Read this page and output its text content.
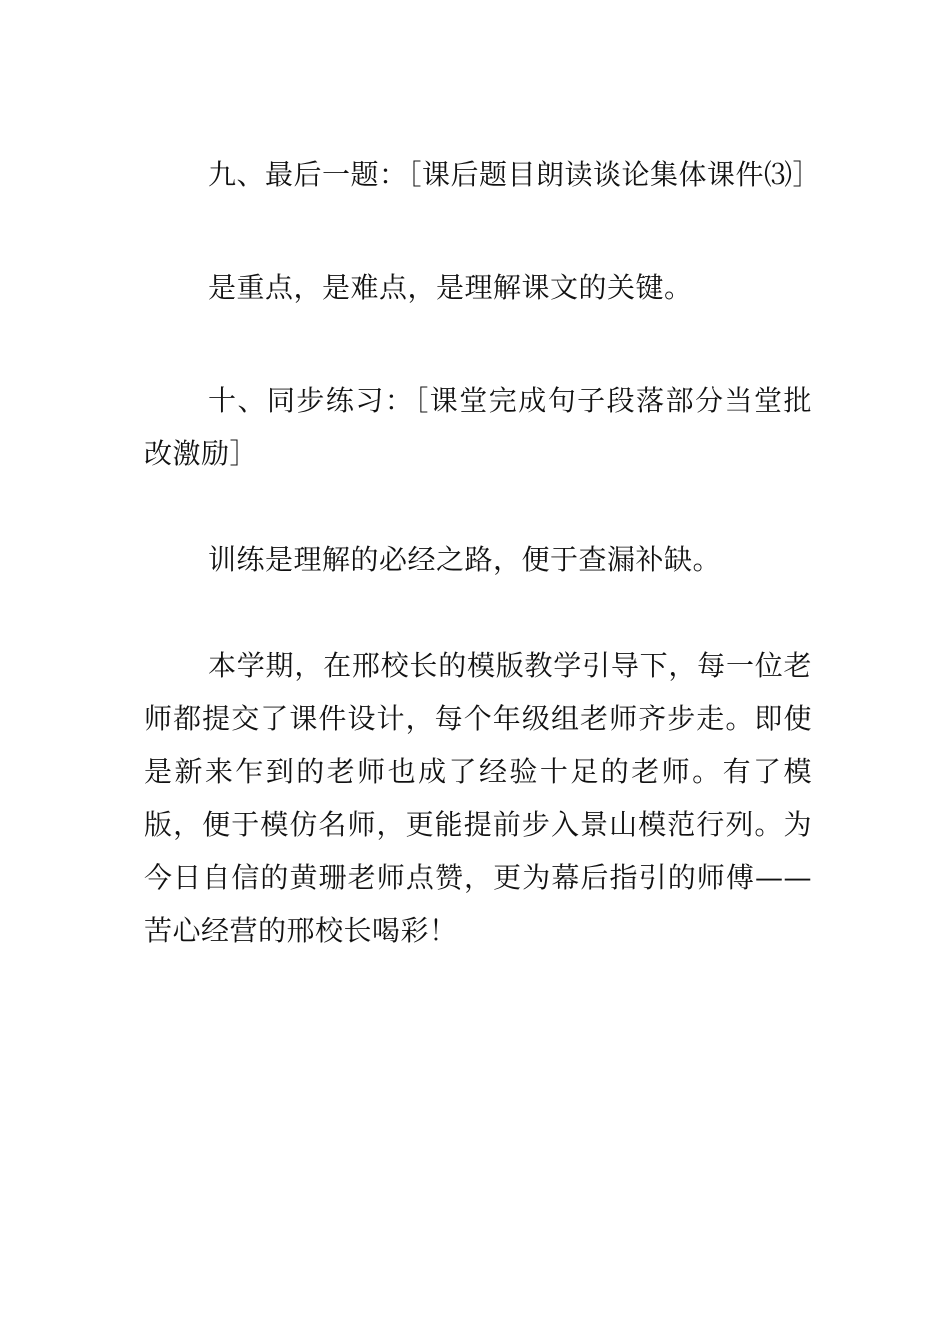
九、最后一题：［课后题目朗读谈论集体课件⑶］

是重点，是难点，是理解课文的关键。

十、同步练习：［课堂完成句子段落部分当堂批改激励］

训练是理解的必经之路，便于查漏补缺。

本学期，在邢校长的模版教学引导下，每一位老师都提交了课件设计，每个年级组老师齐步走。即使是新来乍到的老师也成了经验十足的老师。有了模版，便于模仿名师，更能提前步入景山模范行列。为今日自信的黄珊老师点赞，更为幕后指引的师傅——苦心经营的邢校长喝彩！
